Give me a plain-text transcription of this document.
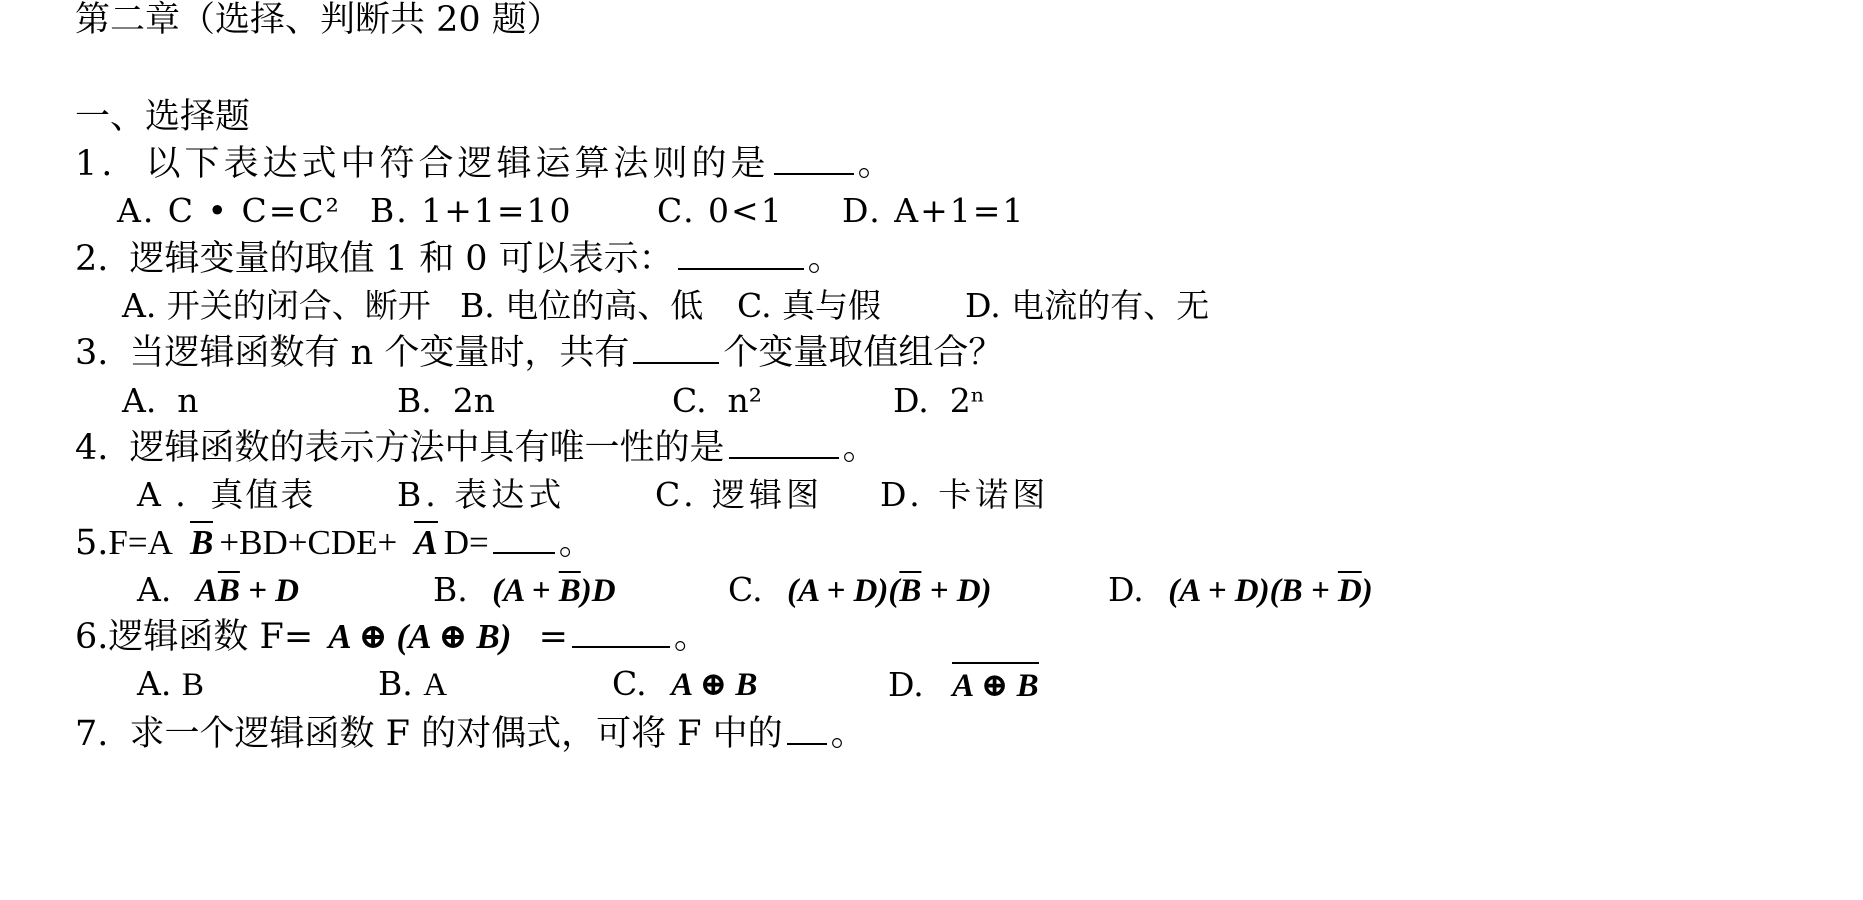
第二章（选择、判断共 20 题）
一、选择题
1. 以下表达式中符合逻辑运算法则的是	。
A. C • C=C² B. 1+1=10	C. 0<1 D. A+1=1
2. 逻辑变量的取值 1 和 0 可以表示：	。
A. 开关的闭合、断开 B. 电位的高、低 C. 真与假	D. 电流的有、无
3. 当逻辑函数有 n 个变量时，共有	个变量取值组合？
A.  n	B.  2n	C.  n²	D.  2ⁿ
4. 逻辑函数的表示方法中具有唯一性的是	。
A ．真值表 B. 表达式	C. 逻辑图 D. 卡诺图
5.F=A B +BD+CDE+ A D= 。
A. $A\overline{B} + D$	B. $(A + \overline{B})D$	C. $(A + D)(\overline{B} + D)$	D. $(A + D)(B + \overline{D})$
6.逻辑函数 F= A ⊕ (A ⊕ B) =	。
A. B	B. A	C. A ⊕ B	D. A ⊕ B
7. 求一个逻辑函数 F 的对偶式，可将 F 中的 。
